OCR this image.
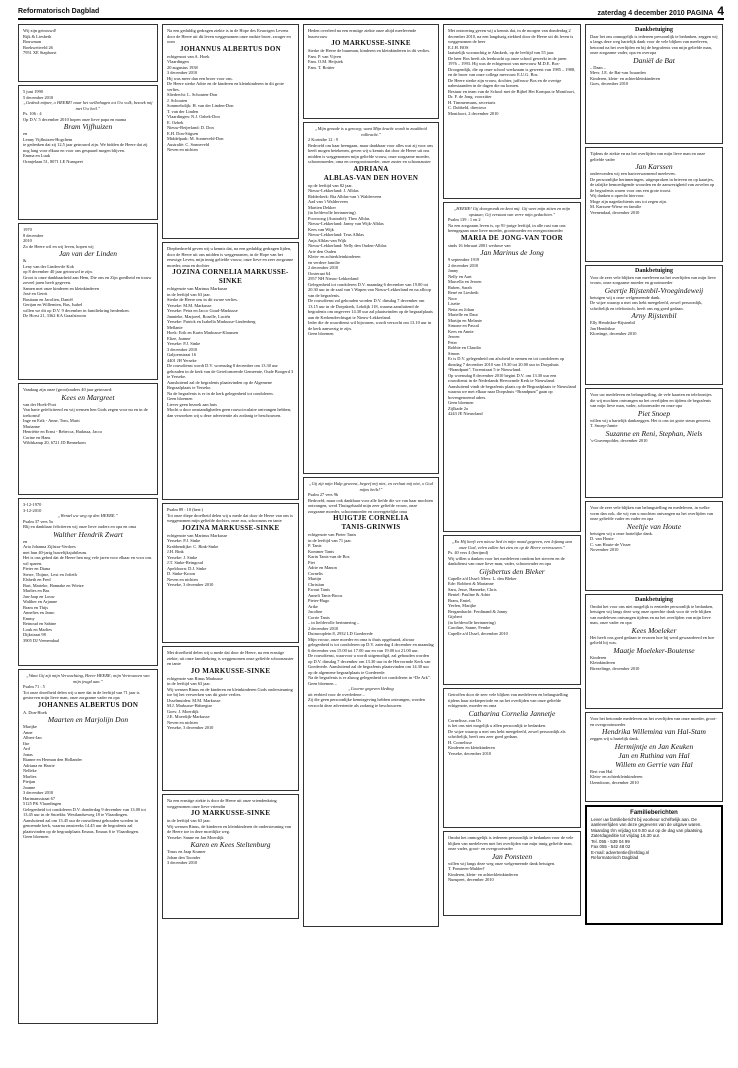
Reformatorisch Dagblad	zaterdag 4 december 2010 PAGINA 4
Wij zijn getrouwd!
Rijk & Liesbeth
Bouwman
Boekweitveld 26
7951 XE Staphorst
5 juni 1990
5 december 2010
„Gedenk mijner, o HEERE! naar het welbehagen tot Uw volk, bezoek mij met Uw heil.”
Ps. 106 : 4
Op D.V. 5 december 2010 hopen onze lieve papa en mama
Bram Vijfhuizen
en
Lenny Vijfhuizen-Hogchem
te gedenken dat zij 12,5 jaar getrouwd zijn. We bidden de Heere dat zij nog lang voor elkaar en voor ons gespaard mogen blijven.
Emma en Luuk
Oranjelaan 51, 8071 LE Nunspeet
1970
8 december
2010
Zo de Heere wil en wij leven, hopen wij
Jan van der Linden
&
Leny van der Linden-de Kok
op 8 december 40 jaar getrouwd te zijn.
Groot is onze dankbaarheid aan Hem, Die ons en Zijn goedheid en trouw zoveel jaren heeft gegeven.
Samen met onze kinderen en kleinkinderen
José en Gerrit
Bastiaan en Jacolien, Daniël
Gertjan en Willemien, Bas, Isabel
willen we dit op D.V. 9 december in familiekring herdenken.
De Horst 21, 3362 KA Graafstroom
Vandaag zijn onze (groot)ouders 40 jaar getrouwd:
Kees en Margreet
van der Hoek-Poot
Van harte gefeliciteerd en wij wensen hen Gods zegen voor nu en in de toekomst!
Inge en Erik - Anne, Tom, Marit
Marianne
Henriëtte en Ernst - Rebecca, Hadassa, Jacco
Corine en Hans
Wildskamp 20, 6721 JD Bennekom
3-12-1970
3-12-2010
„Wentel uw weg op den HEERE.”
Psalm 37 vers 5a
Blij en dankbaar feliciteren wij onze lieve ouders en opa en oma
Walther Hendrik Zwart
en
Aria Johanna Zijlstra-Verdoes
met hun 40-jarig huwelijksjubileum.
Het is ons gebed dat de Heere hen nog vele jaren voor elkaar en voor ons wil sparen.
Pieter en Diana
Sterre, Thijme, Lexi en Jofieth
Elsbeth en Fred
Bart, Marieke, Hannake en Wietze
Marlies en Bas
Jan-Jaap en Louw
Walther en Arjanne
Bram en Thijs
Annelies en Jarno
Emmy
Reinoud en Sabine
Louk en Marlies
Dijkstraat 98
3905 DJ Veenendaal
„Want Gij zijt mijn Verwachting, Heere HEERE; mijn Vertrouwen van mijn jeugd aan.”
Psalm 71 : 5
Tot onze droefheid delen wij u mee dat in de leeftijd van 71 jaar is gestorven mijn lieve man, onze zorgzame vader en opa
JOHANNES ALBERTUS DON
A. Don-Hoek
Maarten en Marjolijn Don
Marijke
Anne
Albert-Jan
Ilse
Ard
Jonas
Rianne en Herman den Hollander
Adriana en Harrie
Nelleke
Marlies
Pietjan
Joanne
3 december 2010
Hartmansstraat 67
5125 PK Vlaardingen
Gelegenheid tot condoleren D.V. donderdag 9 december van 13.00 tot 13.45 uur in de Snoekbr. Westlandseweg 18 te Vlaardingen.
Aansluitend zal om 13.45 uur de rouwdienst gehouden worden in genoemde kerk, waarna omstreeks 14.45 uur de begrafenis zal plaatsvinden op de begraafplaats Emaus, Emaus 6 te Vlaardingen.
Geen bloemen
Na een geduldig gedragen ziekte is in de Hope des Eeuwigen Levens door de Heere uit dit leven weggenomen onze oudste broer, zwager en oom
JOHANNUS ALBERTUS DON
echtgenoot van A. Hoek
Vlaardingen
20 augustus 1938
3 december 2010
Hij was meer dan een broer voor ons.
De Heere sterke Adrie en de kinderen en kleinkinderen in dit grote verlies.
Sliedrecht: L. Schouten-Don
J. Schouten
Sommelsdijk: H. van der Linden-Don
T. van der Linden
Vlaardingen: N.J. Ozbek-Don
E. Ozbek
Nieuw-Beijerland: D. Don
E.H. Don-Stigsen
Middelpark: M. Sonneveld-Don
Australië: C. Sonneveld
Neven en nichten
Diepbedroefd geven wij u kennis dat, na een geduldig gedragen lijden, door de Heere uit ons midden is weggenomen, in de Hope van het eeuwige Leven, mijn innig geliefde vrouw, onze lieve en zeer zorgzame moeder, oma en dochter
JOZINA CORNELIA MARKUSSE-SINKE
echtgenote van Marinus Markusse
in de leeftijd van 63 jaar.
Sterke de Heere ons in dit zware verlies.
Yerseke: M.M. Markusse
Yerseke: Petra en Jacco Goud-Markusse
Jannieke, Marjoeel, Roselle, Lucién
Yerseke: Patrick en Isabella Markusse-Lindenberg
Mellanie
Hoek: Erik en Karin Markusse-Klaassen
Elize, Joanne
Yerseke: P.J. Sinke
3 december 2010
Galjoenstraat 16
4401 JH Yerseke
De rouwdienst wordt D.V. woensdag 8 december om 13.30 uur gehouden in de kerk van de Gereformeerde Gemeente, Oude Boogerd 3 te Yerseke.
Aansluitend zal de begrafenis plaatsvinden op de Algemene Begraafplaats te Yerseke.
Na de begrafenis is er in de kerk gelegenheid tot condoleren.
Geen bloemen
Liever geen bezoek aan huis
Mocht u door omstandigheden geen rouwcirculaire ontvangen hebben, dan verzoeken wij u deze advertentie als zodanig te beschouwen.
Psalm 89 : 10 (berr.)
Tot onze diepe droefheid delen wij u mede dat door de Heere van ons is weggenomen mijn geliefde dochter, onze zus, schoonzus en tante
JOZINA MARKUSSE-SINKE
echtgenote van Marinus Markusse
Yerseke: P.J. Sinke
Krabbendijke: C. Bink-Sinke
J.H. Bink
Yerseke: J. Sinke
J.T. Sinke-Reingoud
Apeldoorn: D.J. Sinke
D. Sinke-Kroon
Neven en nichten
Yerseke, 3 december 2010
Met droefheid delen wij u mede dat door de Heere, na een ernstige ziekte, uit onze familiekring is weggenomen onze geliefde schoonzuster en tante
JO MARKUSSE-SINKE
echtgenote van Rinus Markusse
in de leeftijd van 63 jaar.
Wij wensen Rinus en de kinderen en kleinkinderen Gods ondersteuning toe bij het verwerken van dit grote verlies.
IJsselmuiden: M.M. Markusse
M.J. Markusse-Habregtse
Goes: J. Moerdijk
J.E. Moerdijk-Markusse
Neven en nichten
Yerseke, 3 december 2010
Na een ernstige ziekte is door de Heere uit onze vriendenkring weggenomen onze lieve vriendin
JO MARKUSSE-SINKE
in de leeftijd van 63 jaar.
Wij wensen Rinus, de kinderen en kleinkinderen de ondersteuning van de Heere toe in deze moeilijke weg.
Yerseke: Sanne en Jan Moerdijk
Karen en Kees Steltenburg
Truus en Jaap Kramer
Johan den Toonder
3 december 2010
Heden overleed na een ernstige ziekte onze altijd meelevende buurvrouw
JO MARKUSSE-SINKE
Sterke de Heere de buurman, kinderen en kleinkinderen in dit verlies.
Fam. P. van Vijven
Fam. O.M. Heijstek
Fam. T. Rottier
„Mijn genade is u genoeg; want Mijn kracht wordt in zwakheid volbracht.”
2 Korinthe 12 : 9
Bedroefd om haar heengaan, maar dankbaar voor alles wat zij voor ons heeft mogen betekenen, geven wij u kennis dat door de Heere uit ons midden is weggenomen mijn geliefde vrouw, onze zorgzame moeder, schoonmoeder, oma en overgrootmoeder, onze zuster en schoonzuster
ADRIANA
ALBLAS-VAN DEN HOVEN
op de leeftijd van 82 jaar.
Nieuw-Lekkerland: J. Alblas
Ridderkerk: Ria Alblas-van 't Walderveen
Aad van 't Walderveen
Martien Dekker
(in liefdevolle herinnering)
Poovoong (Australië): Theo Alblas
Nieuw-Lekkerland: Janny van Wijk-Alblas
Kees van Wijk
Nieuw-Lekkerland: Teus Alblas
Anja Alblas-van Wijk
Nieuw-Lekkerland: Nelly den Ouden-Alblas
Arie den Ouden
Klein- en achterkleinkinderen
en verdere familie
2 december 2010
Oosteraat 64
2957 NH Nieuw-Lekkerland
Gelegenheid tot condoleren D.V. maandag 6 december van 19.00 tot 20.30 uur in de zaal van 't Wapen van Nieuw-Lekkerland en na afloop van de begrafenis.
De rouwdienst zal gehouden worden D.V. dinsdag 7 december om 13.15 uur in de Dorpskerk, Lekdijk 118, waarna aansluitend de begrafenis om ongeveer 14.30 uur zal plaatsvinden op de begraafplaats aan de Kerkendrechtsgat te Nieuw-Lekkerland.
Ieder die de rouwdienst wil bijwonen, wordt verzocht om 13.10 uur in de kerk aanwezig te zijn.
Geen bloemen
„Gij zijt mijn Hulp geweest, begeef mij niet, en verlaat mij niet, o God mijns heils!”
Psalm 27 vers 9b
Bedroefd, maar ook dankbaar voor alle liefde die we van haar mochten ontvangen, werd Thuisgehaald mijn zeer geliefde vrouw, onze zorgzame moeder, schoonmoeder en onvergetelijke oma
HUIGTJE CORNELIA
TANIS-GRINWIS
echtgenote van Pieter Tanis
in de leeftijd van 71 jaar.
P. Tanis
Kommer Tanis
Karin Tanis-van de Bos
Piet
Adrie en Manon
Cornelis
Martijn
Christian
Ewout Tanis
Anneli Tanis-Broos
Pieter-Hugo
Arike
Jacoline
Corrie Tanis
– in liefdevolle herinnering –
2 december 2010
Duinrooplein 8, 2932 LD Goederede
Mijn vrouw, onze moeder en oma is thuis opgebaard, alwaar gelegenheid is tot condoleren op D.V. zaterdag 4 december en maandag 6 december van 15.00 tot 17.00 uur en van 19.00 tot 21.00 uur.
De rouwdienst, waarvoor u wordt uitgenodigd, zal gehouden worden op D.V. dinsdag 7 december om 13.30 uur in de Hervormde Kerk van Goederede. Aansluitend zal de begrafenis plaatsvinden om 14.30 uur op de algemene begraafplaats te Goederede.
Na de begrafenis is er alsnog gelegenheid tot condoleren in “De Ark”.
Geen bloemen –
„Goorne gegeven kleding
uit eerbied voor de overledene –
Zij die geen persoonlijke kennisgeving hebben ontvangen, worden verzocht deze advertentie als zodanig te beschouwen.
Met ontroering geven wij u kennis dat, in de morgen van donderdag 2 december 2010, na een langdurig ziekbed door de Heere uit dit leven is weggenomen de heer
E.J.H. BOS
laatstelijk woonachtig te Almkerk, op de leeftijd van 55 jaar.
De heer Bos heeft als leerkracht op onze school gewerkt in de jaren 1976 – 1993. Hij was de echtgenoot van mevrouw M.D.E. Bos-Droogendijk, die op onze school werkzaam is geweest van 1985 – 1988, en de broer van onze collega mevrouw E.U.G. Bos.
De Heere sterke zijn vrouw, dochter, juffrouw Bos en de overige nabestaanden in de dagen die nu komen.
Bestuur en team van de School met de Bijbel Het Kompas te Montfoort,
Dr. F. de Jong, voorzitter
H. Timmermans, secretaris
C. Dubbeld, directeur
Montfoort, 2 december 2010
„HEERE! Gij doorgrondt en kent mij. Gij weet mijn zitten en mijn opstaan; Gij verstaat van verre mijn gedachten.”
Psalm 139 : 1 en 2
Na een zorgzaam leven is, op 91-jarige leeftijd, in alle rust van ons heengegaan onze lieve moeder, grootmoeder en overgrootmoeder
MARIA DE JONG-VAN TOOR
sinds 16 februari 2001 weduwe van
Jan Marinus de Jong
9 september 1919
2 december 2010
Janny
Nelly en Aart
Marcella en Jeroen
Ruben, Sarah
René en Liesbeth
Noor
Lisette
Netta en Johan
Marielle en Daut
Martijn en Melanie
Simone en Pascal
Kees en Annie
Jeroen
Peter
Robbie en Claudia
Simon
Er is D.V. gelegenheid om afscheid te nemen en tot condoleren op dinsdag 7 december 2010 van 19.30 tot 20.00 uur in Dorpshuis “Brandpunt”, Torenstraat 5 te Nieuwland.
Op woensdag 8 december 2010 begint D.V. om 13.30 uur een rouwdienst in de Nederlands Hervormde Kerk te Nieuwland.
Aansluitend vindt de begrafenis plaats op de Begraafplaats te Nieuwland waarna we met elkaar naar Dorpshuis “Brandpunt” gaan op bovengenoemd adres.
Geen bloemen
Zijlkade 2a
4243 JE Nieuwland
„En Hij heeft een nieuw lied in mijn mond gegeven, een lofzang aan onze God, velen zullen het zien en op de Heere vertrouwen.”
Ps. 40 vers 4 (berijmd)
Wij willen u danken voor het medeleven rondom het sterven en de dankdienst van onze lieve man, vader, schoonvader en opa
Gijsbertus den Bleker
Capelle a/d IJssel: Mevr. L. den Bleker
Ede: Robbert & Marianne
Sara, Jesse, Hanneke, Chris
Bentel: Pauline & Adrie
Bram, Emiel,
Yeelen, Marijke
Bergambacht: Ferdinand & Janny
Gijsbert
(in liefdevolle herinnering)
Caroline, Sanne, Femke
Capelle a/d IJssel, december 2010
Getroffen door de zeer vele blijken van medeleven en belangstelling tijdens haar ziekteperiode en na het overlijden van onze geliefde echtgenote, moeder en oma
Catharina Cornelia Jannetje
Cornelisse–van Os
is het ons niet mogelijk u allen persoonlijk te bedanken.
De wijze waarop u met ons hebt meegeleefd, zowel persoonlijk als schriftelijk, heeft ons zeer goed gedaan.
H. Cornelisse
Kinderen en kleinkinderen
Yerseke, december 2010
Omdat het onmogelijk is iedereen persoonlijk te bedanken voor de vele blijken van medeleven met het overlijden van mijn innig geliefde man, onze vader, groot- en overgrootvader
Jan Ponsteen
willen wij langs deze weg onze welgemeende dank betuigen.
T. Ponsteen-Mulder†
Kinderen, klein- en achterkleinkinderen
Nunspeet, december 2010
Dankbetuiging
Daar het ons onmogelijk is iedereen persoonlijk te bedanken, zeggen wij u langs deze weg hartelijk dank voor de vele blijken van meeleven, betoond na het overlijden en bij de begrafenis van mijn geliefde man, onze zorgzame vader, opa en overopa
Daniël de Bat
– Daan –
Mevr. J.E. de Bat-van Iwaarden
Kinderen, klein- en achterkleinkinderen
Goes, december 2010
Tijdens de ziekte en na het overlijden van mijn lieve man en onze geliefde vader
Jan Karssen
ondervonden wij een hartverwarmend meeleven.
De persoonlijke herinneringen, uitgesproken in brieven en op kaartjes, de talrijke bemoedigende woorden en de aanwezigheid van zovelen op de begrafenis waren voor ons een grote troost.
Wij danken u oprecht hiervoor.
Moge zijn nagedachtenis ons tot zegen zijn.
M. Karssen-Wiese en familie
Veenendaal, december 2010
Dankbetuiging
Voor de zeer vele blijken van meeleven na het overlijden van mijn lieve vrouw, onze zorgzame moeder en grootmoeder
Geertje Rijstenbil-Vroegindeweij
betuigen wij u onze welgemeende dank.
De wijze waarop u met ons hebt meegeleefd, zowel persoonlijk, schriftelijk en telefonisch, heeft ons erg goed gedaan.
Arny Rijstenbil
Elly Hendrikse-Rijstenbil
Jan Hendrikse
Kloetinge, december 2010
Voor uw medeleven en belangstelling, de vele kaarten en telefoontjes die wij mochten ontvangen na het overlijden en tijdens de begrafenis van mijn lieve man, vader, schoonvader en onze opa
Piet Snoep
willen wij u hartelijk dankzeggen. Het is ons tot grote steun geweest.
T. Snoep-Jumie
Suzanne en Reni, Stephan, Niels
’s-Gravenpolder, december 2010
Voor de zeer vele blijken van belangstelling en medeleven, in welke vorm dan ook, die wij van u mochten ontvangen na het overlijden van onze geliefde vader en vader en opa
Neeltje van Houte
betuigen wij u onze hartelijke dank.
D. van Houte
C. van Houte-de Visser
November 2010
Dankbetuiging
Omdat het voor ons niet mogelijk is eenieder persoonlijk te bedanken, betuigen wij langs deze weg onze oprechte dank voor de vele blijken van medeleven ontvangen tijdens en na het overlijden van mijn lieve man, onze vader en opa
Kees Moeleker
Het heeft ons goed gedaan te ervaren hoe hij werd gewaardeerd en hoe geliefd hij was.
Maatje Moeleker-Boutense
Kinderen
Kleinkinderen
Birezelinge, december 2010
Voor het betoonde medeleven na het overlijden van onze moeder, groot- en overgrootmoeder
Hendrika Willemina van Hal-Stam
zeggen wij u hartelijk dank.
Hermijntje en Jan Keuken
Jan en Ruthina van Hal
Willem en Gerrie van Hal
Bert van Hal
Klein- en achterkleinkinderen
IJzendoorn, december 2010
Familieberichten
Lever uw familiebericht bij voorkeur schriftelijk aan. De aanleverlijden van deze gegevens van de uitgave waren.
Maandag t/m vrijdag tot 9.00 uur op de dag van plaatsing. Zaterdageditie tot vrijdag 16.30 uur.
Tel. 055 - 539 04 99
Fax 055 - 542 48 02
E-mail: advertentie@refdag.nl
Reformatorisch Dagblad
